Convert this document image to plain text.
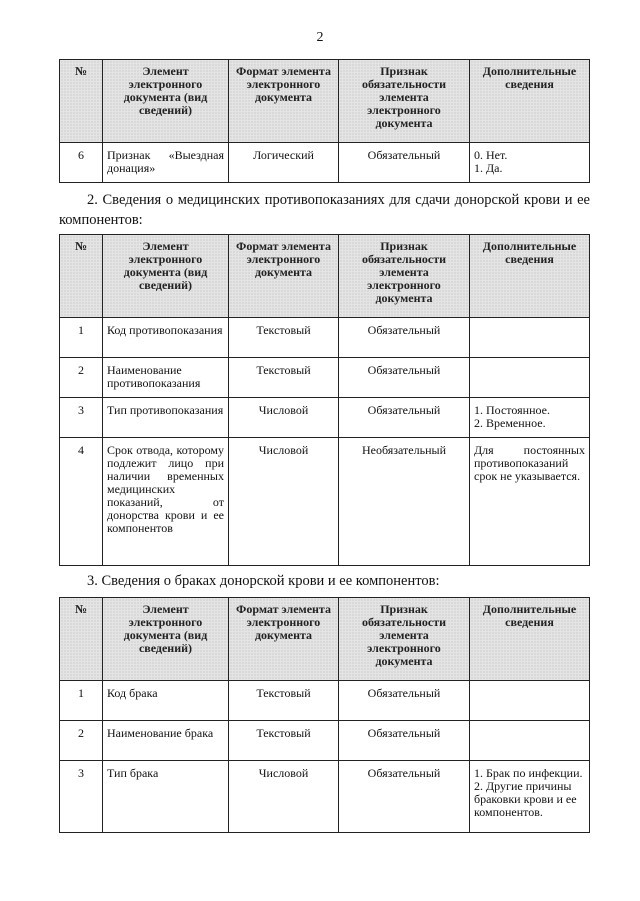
2
№	Элемент электронного документа (вид сведений)	Формат элемента электронного документа	Признак обязательности элемента электронного документа	Дополнительные сведения
6	Признак «Выездная донация»	Логический	Обязательный	0. Нет.
1. Да.
2. Сведения о медицинских противопоказаниях для сдачи донорской крови и ее компонентов:
№	Элемент электронного документа (вид сведений)	Формат элемента электронного документа	Признак обязательности элемента электронного документа	Дополнительные сведения
1	Код противопоказания	Текстовый	Обязательный	
2	Наименование противопоказания	Текстовый	Обязательный	
3	Тип противопоказания	Числовой	Обязательный	1. Постоянное.
2. Временное.

4	Срок отвода, которому подлежит лицо при наличии временных медицинских показаний, от донорства крови и ее компонентов	Числовой	Необязательный	Для постоянных противопоказаний срок не указывается.
3. Сведения о браках донорской крови и ее компонентов:
№	Элемент электронного документа (вид сведений)	Формат элемента электронного документа	Признак обязательности элемента электронного документа	Дополнительные сведения
1	Код брака	Текстовый	Обязательный	
2	Наименование брака	Текстовый	Обязательный	
3	Тип брака	Числовой	Обязательный	1. Брак по инфекции.
2. Другие причины браковки крови и ее компонентов.
